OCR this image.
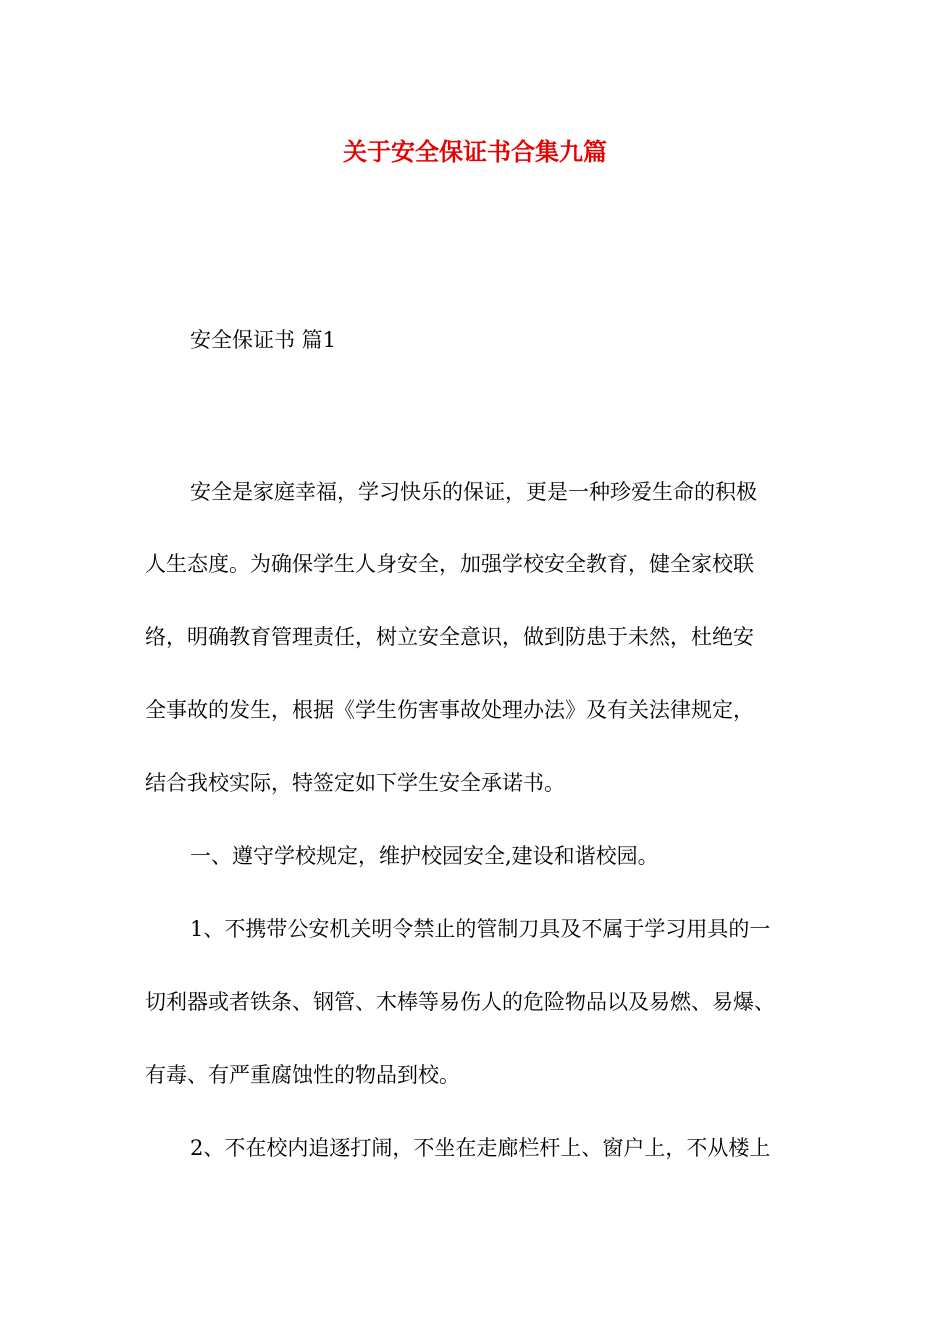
关于安全保证书合集九篇
安全保证书 篇1
安全是家庭幸福，学习快乐的保证，更是一种珍爱生命的积极
人生态度。为确保学生人身安全，加强学校安全教育，健全家校联
络，明确教育管理责任，树立安全意识，做到防患于未然，杜绝安
全事故的发生，根据《学生伤害事故处理办法》及有关法律规定，
结合我校实际，特签定如下学生安全承诺书。
一、遵守学校规定，维护校园安全,建设和谐校园。
1、不携带公安机关明令禁止的管制刀具及不属于学习用具的一
切利器或者铁条、钢管、木棒等易伤人的危险物品以及易燃、易爆、
有毒、有严重腐蚀性的物品到校。
2、不在校内追逐打闹，不坐在走廊栏杆上、窗户上，不从楼上
